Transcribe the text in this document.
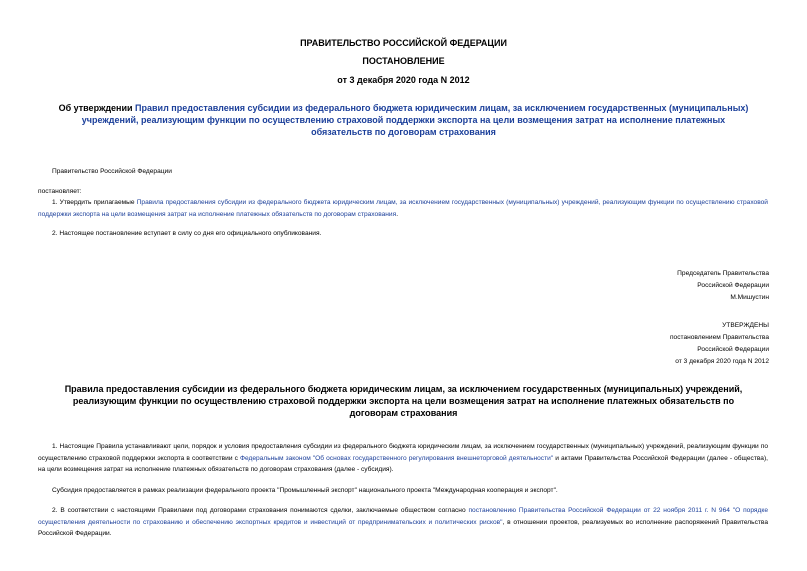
ПРАВИТЕЛЬСТВО РОССИЙСКОЙ ФЕДЕРАЦИИ
ПОСТАНОВЛЕНИЕ
от 3 декабря 2020 года N 2012
Об утверждении Правил предоставления субсидии из федерального бюджета юридическим лицам, за исключением государственных (муниципальных) учреждений, реализующим функции по осуществлению страховой поддержки экспорта на цели возмещения затрат на исполнение платежных обязательств по договорам страхования
Правительство Российской Федерации
постановляет:
1. Утвердить прилагаемые Правила предоставления субсидии из федерального бюджета юридическим лицам, за исключением государственных (муниципальных) учреждений, реализующим функции по осуществлению страховой поддержки экспорта на цели возмещения затрат на исполнение платежных обязательств по договорам страхования.
2. Настоящее постановление вступает в силу со дня его официального опубликования.
Председатель Правительства
Российской Федерации
М.Мишустин
УТВЕРЖДЕНЫ
постановлением Правительства
Российской Федерации
от 3 декабря 2020 года N 2012
Правила предоставления субсидии из федерального бюджета юридическим лицам, за исключением государственных (муниципальных) учреждений, реализующим функции по осуществлению страховой поддержки экспорта на цели возмещения затрат на исполнение платежных обязательств по договорам страхования
1. Настоящие Правила устанавливают цели, порядок и условия предоставления субсидии из федерального бюджета юридическим лицам, за исключением государственных (муниципальных) учреждений, реализующим функции по осуществлению страховой поддержки экспорта в соответствии с Федеральным законом "Об основах государственного регулирования внешнеторговой деятельности" и актами Правительства Российской Федерации (далее - общества), на цели возмещения затрат на исполнение платежных обязательств по договорам страхования (далее - субсидия).
Субсидия предоставляется в рамках реализации федерального проекта "Промышленный экспорт" национального проекта "Международная кооперация и экспорт".
2. В соответствии с настоящими Правилами под договорами страхования понимаются сделки, заключаемые обществом согласно постановлению Правительства Российской Федерации от 22 ноября 2011 г. N 964 "О порядке осуществления деятельности по страхованию и обеспечению экспортных кредитов и инвестиций от предпринимательских и политических рисков", в отношении проектов, реализуемых во исполнение распоряжений Правительства Российской Федерации.
